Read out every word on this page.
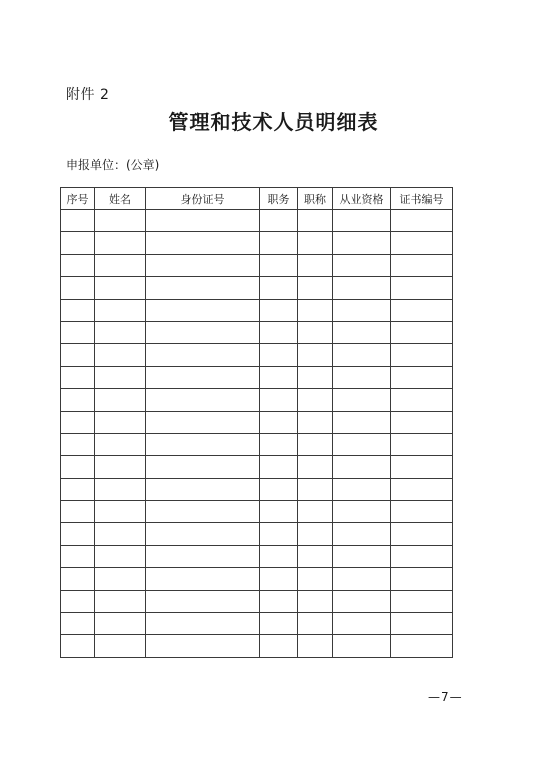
附件 2
管理和技术人员明细表
申报单位：(公章)
序号	姓名	身份证号	职务	职称	从业资格	证书编号

—7—
